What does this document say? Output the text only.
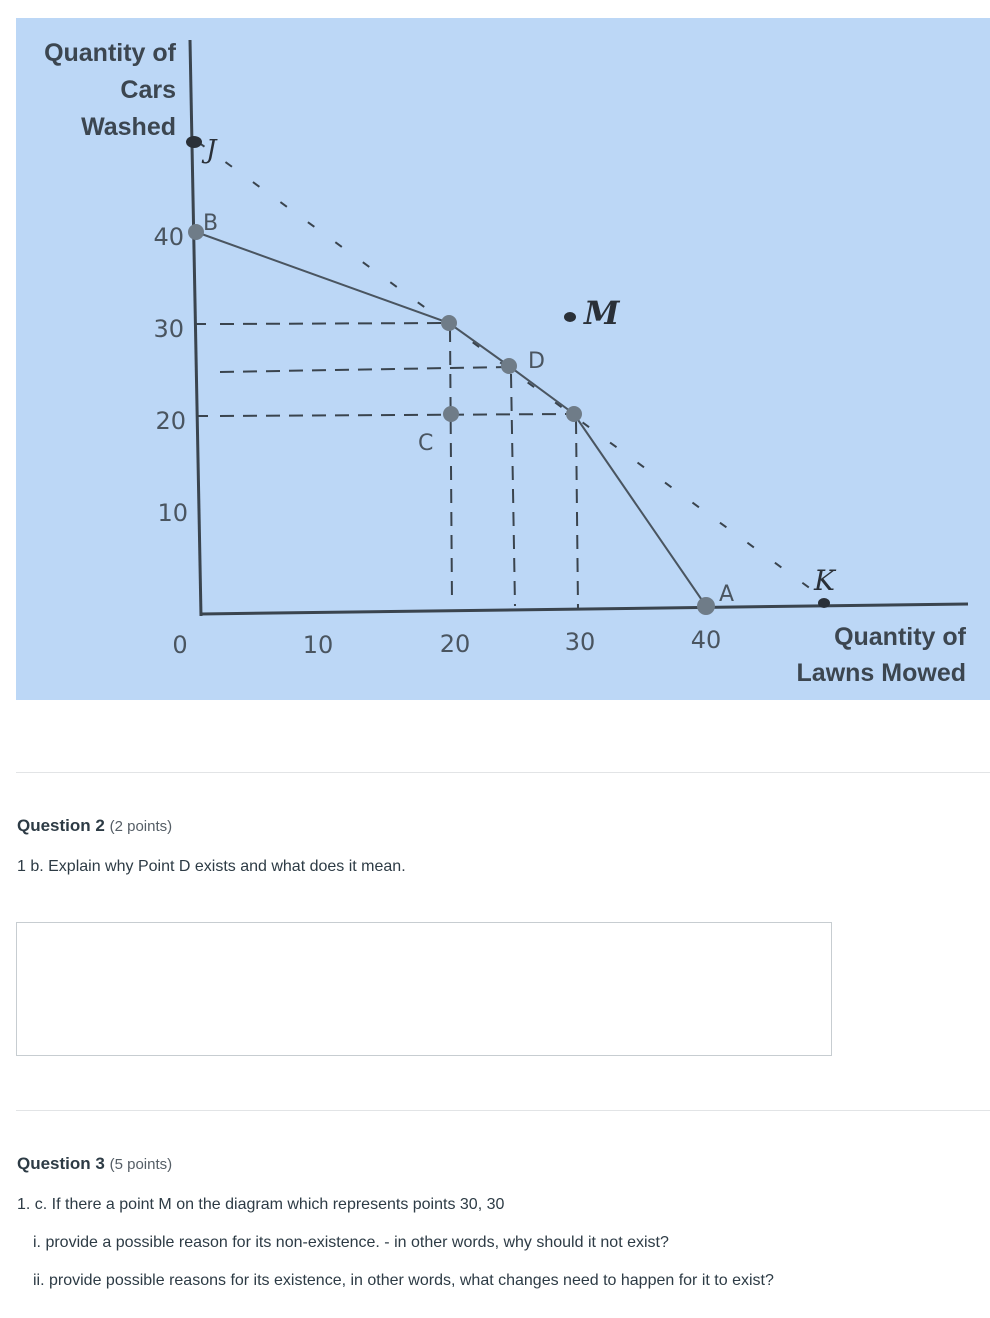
Quantity of
Cars
Washed
Quantity of
Lawns Mowed
40
30
20
10
0	10	20	30	40
B
C
D
A
J
M
K
Question 2 (2 points)
1 b. Explain why Point D exists and what does it mean.
Question 3 (5 points)
1. c. If there a point M on the diagram which represents points 30, 30
i. provide a possible reason for its non-existence. - in other words, why should it not exist?
ii. provide possible reasons for its existence, in other words, what changes need to happen for it to exist?
